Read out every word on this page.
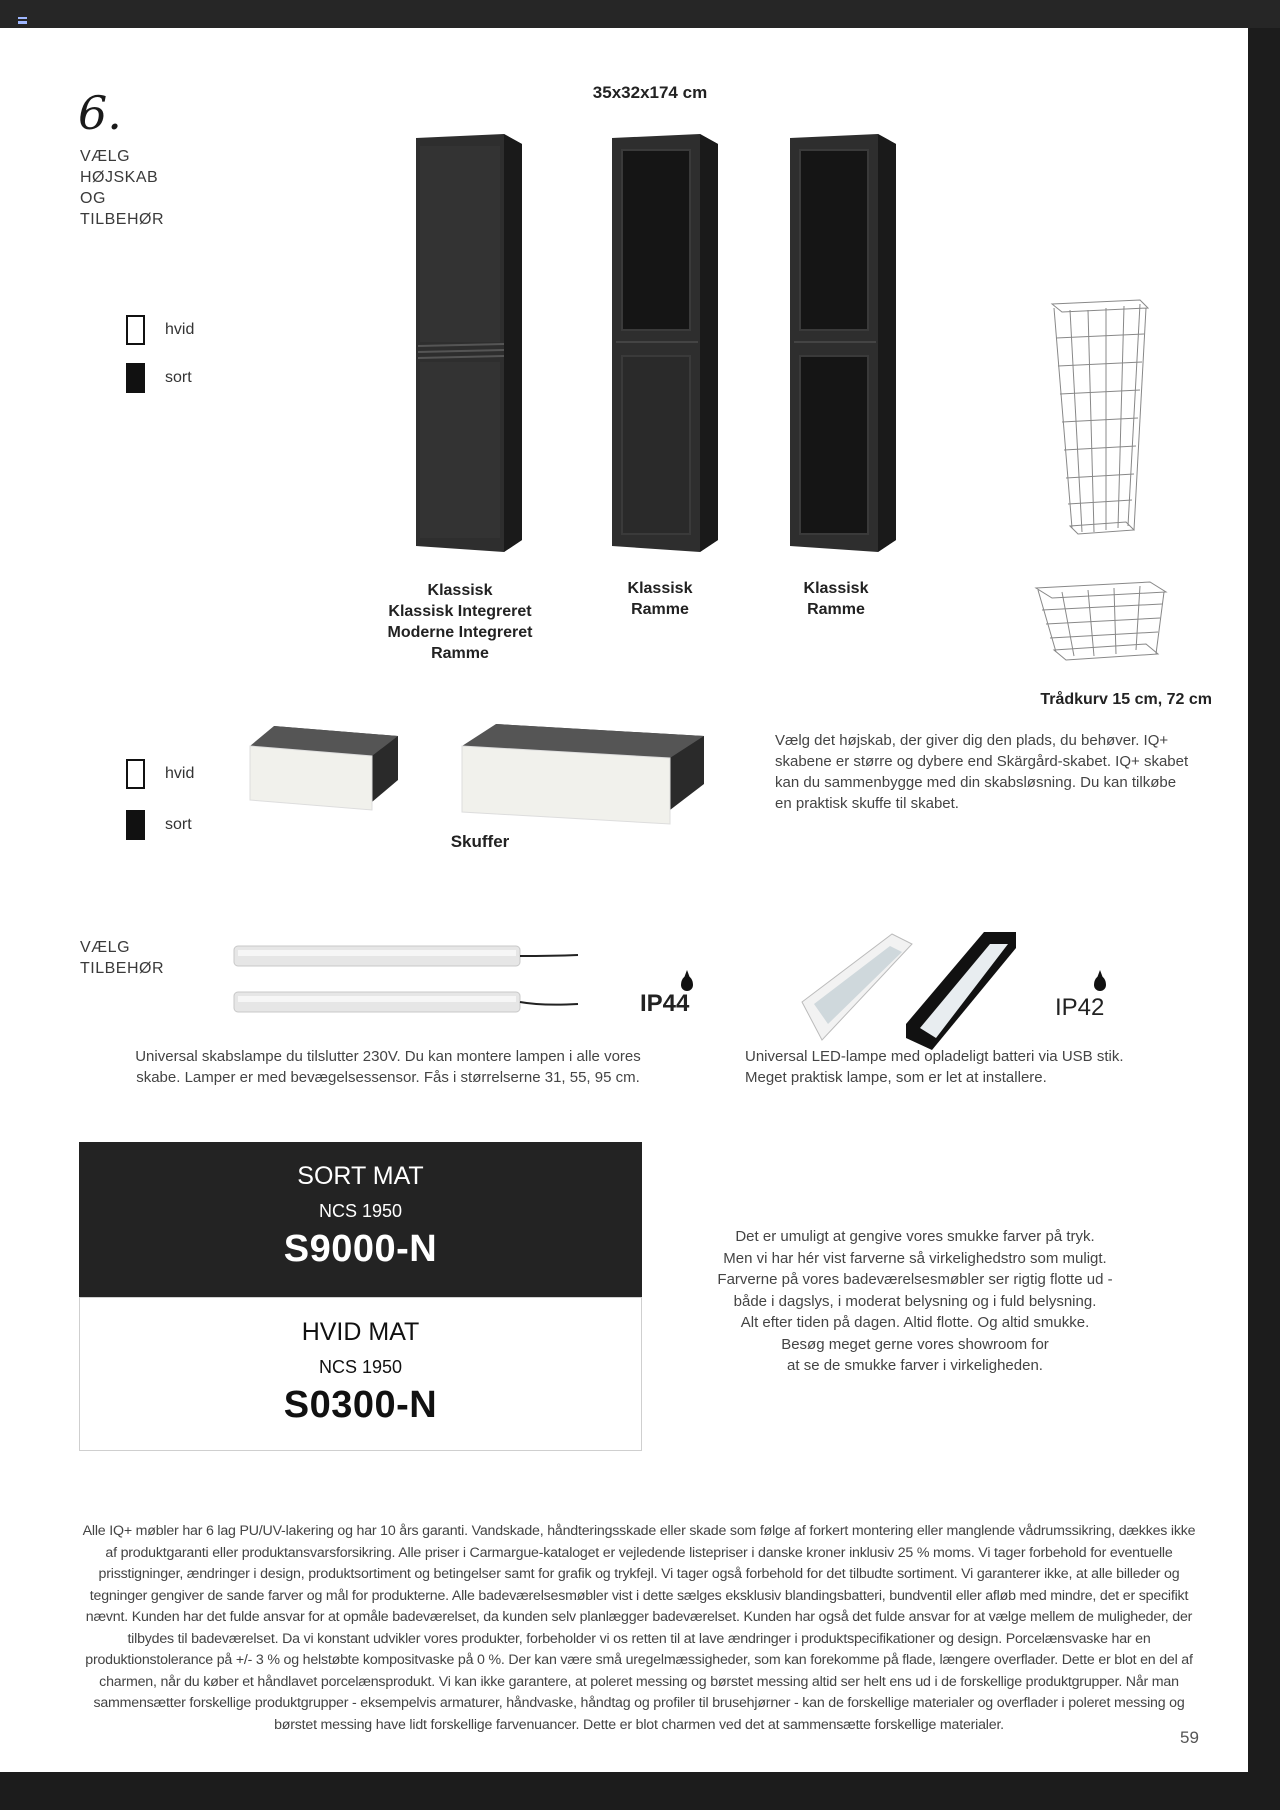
6.
VÆLG
HØJSKAB
OG
TILBEHØR
35x32x174 cm
hvid
sort
Klassisk
Klassisk Integreret
Moderne Integreret
Ramme
Klassisk
Ramme
Klassisk
Ramme
Trådkurv 15 cm, 72 cm
hvid
sort
Skuffer
Vælg det højskab, der giver dig den plads, du behøver. IQ+ skabene er større og dybere end Skärgård-skabet. IQ+ skabet kan du sammenbygge med din skabsløsning. Du kan tilkøbe en praktisk skuffe til skabet.
VÆLG
TILBEHØR
IP44	IP42
Universal skabslampe du tilslutter 230V. Du kan montere lampen i alle vores skabe. Lamper er med bevægelsessensor. Fås i størrelserne 31, 55, 95 cm.
Universal LED-lampe med opladeligt batteri via USB stik. Meget praktisk lampe, som er let at installere.
SORT MAT
NCS 1950
S9000-N
HVID MAT
NCS 1950
S0300-N
Det er umuligt at gengive vores smukke farver på tryk.
Men vi har hér vist farverne så virkelighedstro som muligt.
Farverne på vores badeværelsesmøbler ser rigtig flotte ud -
både i dagslys, i moderat belysning og i fuld belysning.
Alt efter tiden på dagen. Altid flotte. Og altid smukke.
Besøg meget gerne vores showroom for
at se de smukke farver i virkeligheden.
Alle IQ+ møbler har 6 lag PU/UV-lakering og har 10 års garanti. Vandskade, håndteringsskade eller skade som følge af forkert montering eller manglende vådrumssikring, dækkes ikke af produktgaranti eller produktansvarsforsikring. Alle priser i Carmargue-kataloget er vejledende listepriser i danske kroner inklusiv 25 % moms. Vi tager forbehold for eventuelle prisstigninger, ændringer i design, produktsortiment og betingelser samt for grafik og trykfejl. Vi tager også forbehold for det tilbudte sortiment. Vi garanterer ikke, at alle billeder og tegninger gengiver de sande farver og mål for produkterne. Alle badeværelsesmøbler vist i dette sælges eksklusiv blandingsbatteri, bundventil eller afløb med mindre, det er specifikt nævnt. Kunden har det fulde ansvar for at opmåle badeværelset, da kunden selv planlægger badeværelset. Kunden har også det fulde ansvar for at vælge mellem de muligheder, der tilbydes til badeværelset. Da vi konstant udvikler vores produkter, forbeholder vi os retten til at lave ændringer i produktspecifikationer og design. Porcelænsvaske har en produktionstolerance på +/- 3 % og helstøbte kompositvaske på 0 %. Der kan være små uregelmæssigheder, som kan forekomme på flade, længere overflader. Dette er blot en del af charmen, når du køber et håndlavet porcelænsprodukt. Vi kan ikke garantere, at poleret messing og børstet messing altid ser helt ens ud i de forskellige produktgrupper. Når man sammensætter forskellige produktgrupper - eksempelvis armaturer, håndvaske, håndtag og profiler til brusehjørner - kan de forskellige materialer og overflader i poleret messing og børstet messing have lidt forskellige farvenuancer. Dette er blot charmen ved det at sammensætte forskellige materialer.
59
